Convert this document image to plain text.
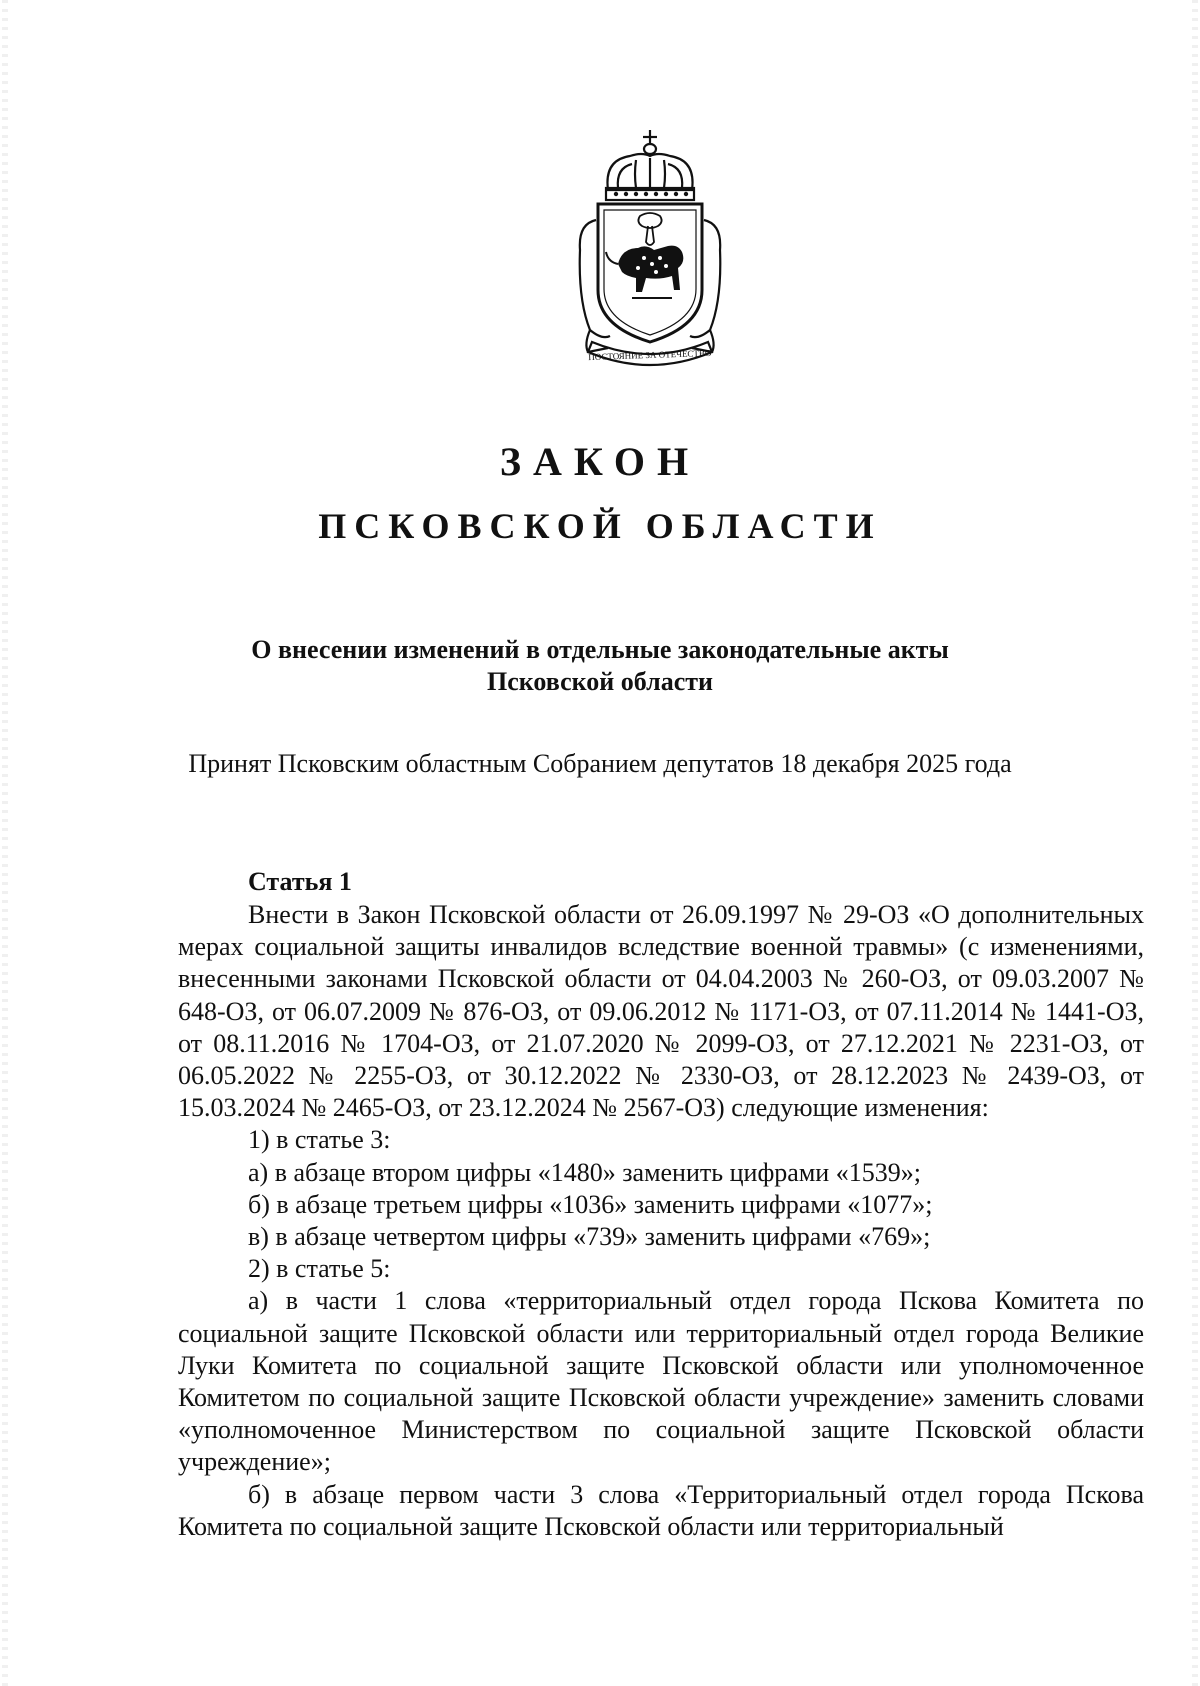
ПОСТОЯНИЕ ЗА ОТЕЧЕСТВО
ЗАКОН
ПСКОВСКОЙ ОБЛАСТИ
О внесении изменений в отдельные законодательные акты
Псковской области
Принят Псковским областным Собранием депутатов 18 декабря 2025 года
Статья 1

Внести в Закон Псковской области от 26.09.1997 № 29-ОЗ «О дополнительных мерах социальной защиты инвалидов вследствие военной травмы» (с изменениями, внесенными законами Псковской области от 04.04.2003 № 260-ОЗ, от 09.03.2007 № 648-ОЗ, от 06.07.2009 № 876-ОЗ, от 09.06.2012 № 1171-ОЗ, от 07.11.2014 № 1441-ОЗ, от 08.11.2016 № 1704-ОЗ, от 21.07.2020 № 2099-ОЗ, от 27.12.2021 № 2231-ОЗ, от 06.05.2022 № 2255-ОЗ, от 30.12.2022 № 2330-ОЗ, от 28.12.2023 № 2439-ОЗ, от 15.03.2024 № 2465-ОЗ, от 23.12.2024 № 2567-ОЗ) следующие изменения:

1) в статье 3:

а) в абзаце втором цифры «1480» заменить цифрами «1539»;

б) в абзаце третьем цифры «1036» заменить цифрами «1077»;

в) в абзаце четвертом цифры «739» заменить цифрами «769»;

2) в статье 5:

а) в части 1 слова «территориальный отдел города Пскова Комитета по социальной защите Псковской области или территориальный отдел города Великие Луки Комитета по социальной защите Псковской области или уполномоченное Комитетом по социальной защите Псковской области учреждение» заменить словами «уполномоченное Министерством по социальной защите Псковской области учреждение»;

б) в абзаце первом части 3 слова «Территориальный отдел города Пскова Комитета по социальной защите Псковской области или территориальный
